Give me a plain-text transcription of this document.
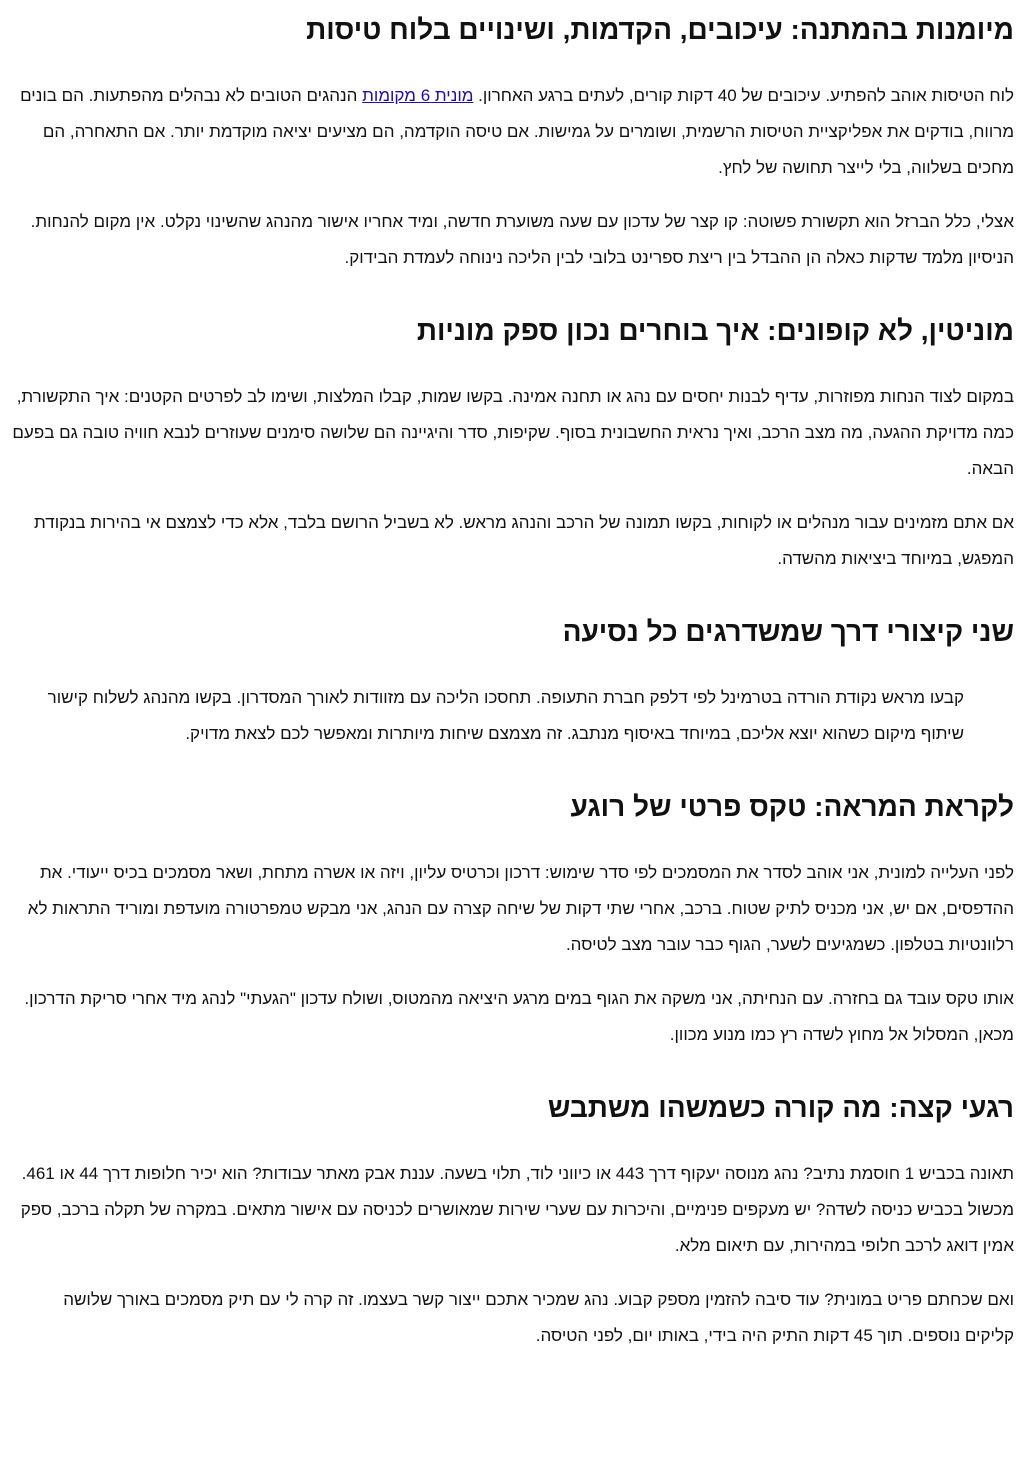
מיומנות בהמתנה: עיכובים, הקדמות, ושינויים בלוח טיסות

לוח הטיסות אוהב להפתיע. עיכובים של 40 דקות קורים, לעתים ברגע האחרון. מונית 6 מקומות הנהגים הטובים לא נבהלים מהפתעות. הם בונים מרווח, בודקים את אפליקציית הטיסות הרשמית, ושומרים על גמישות. אם טיסה הוקדמה, הם מציעים יציאה מוקדמת יותר. אם התאחרה, הם מחכים בשלווה, בלי לייצר תחושה של לחץ.

אצלי, כלל הברזל הוא תקשורת פשוטה: קו קצר של עדכון עם שעה משוערת חדשה, ומיד אחריו אישור מהנהג שהשינוי נקלט. אין מקום להנחות. הניסיון מלמד שדקות כאלה הן ההבדל בין ריצת ספרינט בלובי לבין הליכה נינוחה לעמדת הבידוק.

מוניטין, לא קופונים: איך בוחרים נכון ספק מוניות

במקום לצוד הנחות מפוזרות, עדיף לבנות יחסים עם נהג או תחנה אמינה. בקשו שמות, קבלו המלצות, ושימו לב לפרטים הקטנים: איך התקשורת, כמה מדויקת ההגעה, מה מצב הרכב, ואיך נראית החשבונית בסוף. שקיפות, סדר והיגיינה הם שלושה סימנים שעוזרים לנבא חוויה טובה גם בפעם הבאה.

אם אתם מזמינים עבור מנהלים או לקוחות, בקשו תמונה של הרכב והנהג מראש. לא בשביל הרושם בלבד, אלא כדי לצמצם אי בהירות בנקודת המפגש, במיוחד ביציאות מהשדה.

שני קיצורי דרך שמשדרגים כל נסיעה

קבעו מראש נקודת הורדה בטרמינל לפי דלפק חברת התעופה. תחסכו הליכה עם מזוודות לאורך המסדרון. בקשו מהנהג לשלוח קישור שיתוף מיקום כשהוא יוצא אליכם, במיוחד באיסוף מנתבג. זה מצמצם שיחות מיותרות ומאפשר לכם לצאת מדויק.

לקראת המראה: טקס פרטי של רוגע

לפני העלייה למונית, אני אוהב לסדר את המסמכים לפי סדר שימוש: דרכון וכרטיס עליון, ויזה או אשרה מתחת, ושאר מסמכים בכיס ייעודי. את ההדפסים, אם יש, אני מכניס לתיק שטוח. ברכב, אחרי שתי דקות של שיחה קצרה עם הנהג, אני מבקש טמפרטורה מועדפת ומוריד התראות לא רלוונטיות בטלפון. כשמגיעים לשער, הגוף כבר עובר מצב לטיסה.

אותו טקס עובד גם בחזרה. עם הנחיתה, אני משקה את הגוף במים מרגע היציאה מהמטוס, ושולח עדכון "הגעתי" לנהג מיד אחרי סריקת הדרכון. מכאן, המסלול אל מחוץ לשדה רץ כמו מנוע מכוון.

רגעי קצה: מה קורה כשמשהו משתבש

תאונה בכביש 1 חוסמת נתיב? נהג מנוסה יעקוף דרך 443 או כיווני לוד, תלוי בשעה. עננת אבק מאתר עבודות? הוא יכיר חלופות דרך 44 או 461. מכשול בכביש כניסה לשדה? יש מעקפים פנימיים, והיכרות עם שערי שירות שמאושרים לכניסה עם אישור מתאים. במקרה של תקלה ברכב, ספק אמין דואג לרכב חלופי במהירות, עם תיאום מלא.

ואם שכחתם פריט במונית? עוד סיבה להזמין מספק קבוע. נהג שמכיר אתכם ייצור קשר בעצמו. זה קרה לי עם תיק מסמכים באורך שלושה קליקים נוספים. תוך 45 דקות התיק היה בידי, באותו יום, לפני הטיסה.
